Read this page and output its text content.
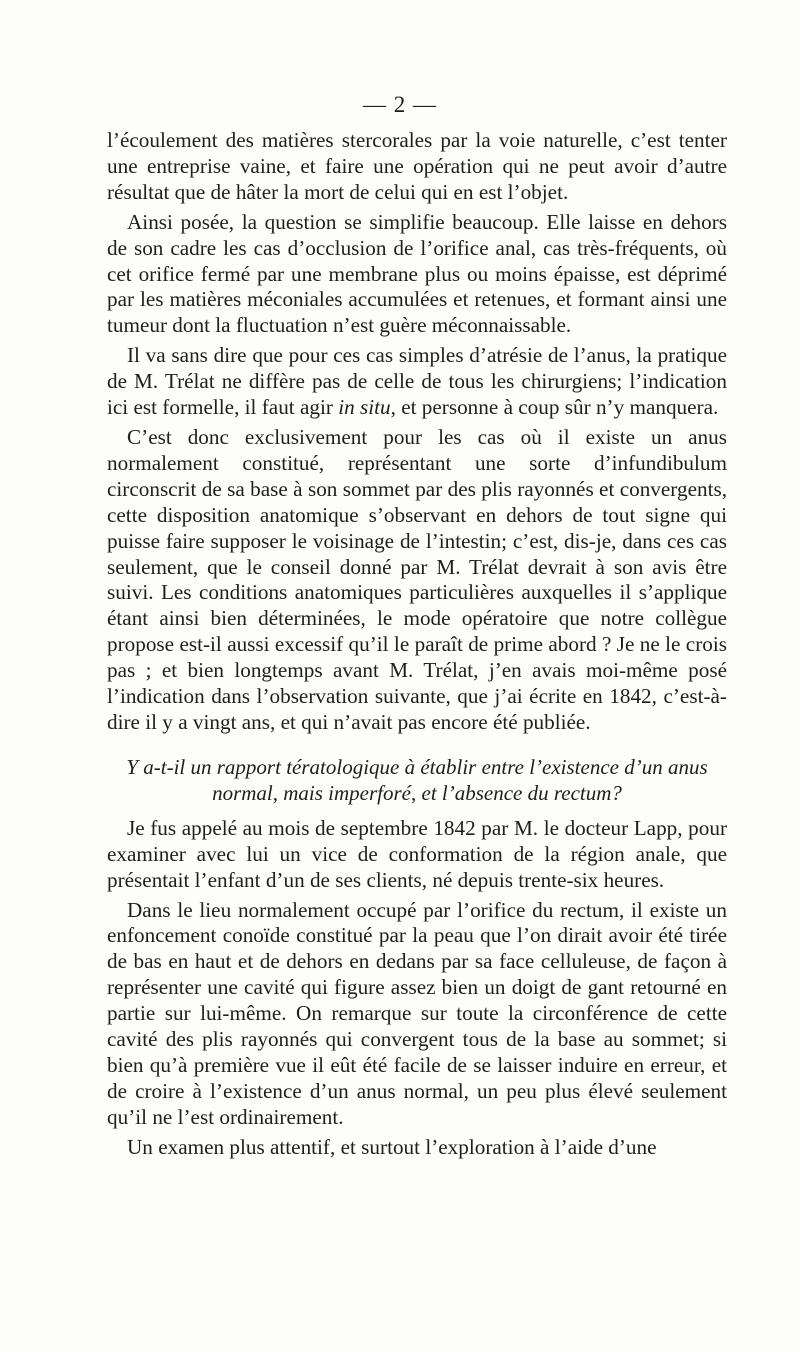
— 2 —

l’écoulement des matières stercorales par la voie naturelle, c’est tenter une entreprise vaine, et faire une opération qui ne peut avoir d’autre résultat que de hâter la mort de celui qui en est l’objet.

Ainsi posée, la question se simplifie beaucoup. Elle laisse en dehors de son cadre les cas d’occlusion de l’orifice anal, cas très-fréquents, où cet orifice fermé par une membrane plus ou moins épaisse, est déprimé par les matières méconiales accumulées et retenues, et formant ainsi une tumeur dont la fluctuation n’est guère méconnaissable.

Il va sans dire que pour ces cas simples d’atrésie de l’anus, la pratique de M. Trélat ne diffère pas de celle de tous les chirurgiens; l’indication ici est formelle, il faut agir in situ, et personne à coup sûr n’y manquera.

C’est donc exclusivement pour les cas où il existe un anus normalement constitué, représentant une sorte d’infundibulum circonscrit de sa base à son sommet par des plis rayonnés et convergents, cette disposition anatomique s’observant en dehors de tout signe qui puisse faire supposer le voisinage de l’intestin; c’est, dis-je, dans ces cas seulement, que le conseil donné par M. Trélat devrait à son avis être suivi. Les conditions anatomiques particulières auxquelles il s’applique étant ainsi bien déterminées, le mode opératoire que notre collègue propose est-il aussi excessif qu’il le paraît de prime abord ? Je ne le crois pas ; et bien longtemps avant M. Trélat, j’en avais moi-même posé l’indication dans l’observation suivante, que j’ai écrite en 1842, c’est-à-dire il y a vingt ans, et qui n’avait pas encore été publiée.

Y a-t-il un rapport tératologique à établir entre l’existence d’un anus
normal, mais imperforé, et l’absence du rectum?

Je fus appelé au mois de septembre 1842 par M. le docteur Lapp, pour examiner avec lui un vice de conformation de la région anale, que présentait l’enfant d’un de ses clients, né depuis trente-six heures.

Dans le lieu normalement occupé par l’orifice du rectum, il existe un enfoncement conoïde constitué par la peau que l’on dirait avoir été tirée de bas en haut et de dehors en dedans par sa face celluleuse, de façon à représenter une cavité qui figure assez bien un doigt de gant retourné en partie sur lui-même. On remarque sur toute la circonférence de cette cavité des plis rayonnés qui convergent tous de la base au sommet; si bien qu’à première vue il eût été facile de se laisser induire en erreur, et de croire à l’existence d’un anus normal, un peu plus élevé seulement qu’il ne l’est ordinairement.

Un examen plus attentif, et surtout l’exploration à l’aide d’une
